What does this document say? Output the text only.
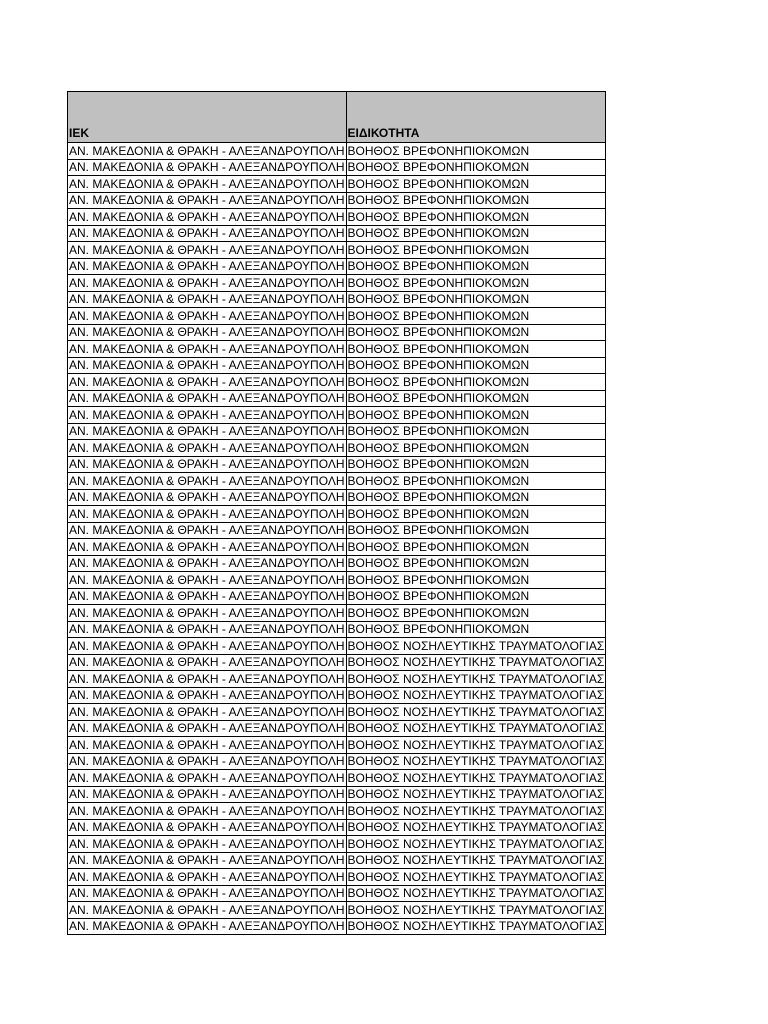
ΙΕΚ	ΕΙΔΙΚΟΤΗΤΑ
ΑΝ. ΜΑΚΕΔΟΝΙΑ & ΘΡΑΚΗ - ΑΛΕΞΑΝΔΡΟΥΠΟΛΗ	ΒΟΗΘΟΣ ΒΡΕΦΟΝΗΠΙΟΚΟΜΩΝ
ΑΝ. ΜΑΚΕΔΟΝΙΑ & ΘΡΑΚΗ - ΑΛΕΞΑΝΔΡΟΥΠΟΛΗ	ΒΟΗΘΟΣ ΒΡΕΦΟΝΗΠΙΟΚΟΜΩΝ
ΑΝ. ΜΑΚΕΔΟΝΙΑ & ΘΡΑΚΗ - ΑΛΕΞΑΝΔΡΟΥΠΟΛΗ	ΒΟΗΘΟΣ ΒΡΕΦΟΝΗΠΙΟΚΟΜΩΝ
ΑΝ. ΜΑΚΕΔΟΝΙΑ & ΘΡΑΚΗ - ΑΛΕΞΑΝΔΡΟΥΠΟΛΗ	ΒΟΗΘΟΣ ΒΡΕΦΟΝΗΠΙΟΚΟΜΩΝ
ΑΝ. ΜΑΚΕΔΟΝΙΑ & ΘΡΑΚΗ - ΑΛΕΞΑΝΔΡΟΥΠΟΛΗ	ΒΟΗΘΟΣ ΒΡΕΦΟΝΗΠΙΟΚΟΜΩΝ
ΑΝ. ΜΑΚΕΔΟΝΙΑ & ΘΡΑΚΗ - ΑΛΕΞΑΝΔΡΟΥΠΟΛΗ	ΒΟΗΘΟΣ ΒΡΕΦΟΝΗΠΙΟΚΟΜΩΝ
ΑΝ. ΜΑΚΕΔΟΝΙΑ & ΘΡΑΚΗ - ΑΛΕΞΑΝΔΡΟΥΠΟΛΗ	ΒΟΗΘΟΣ ΒΡΕΦΟΝΗΠΙΟΚΟΜΩΝ
ΑΝ. ΜΑΚΕΔΟΝΙΑ & ΘΡΑΚΗ - ΑΛΕΞΑΝΔΡΟΥΠΟΛΗ	ΒΟΗΘΟΣ ΒΡΕΦΟΝΗΠΙΟΚΟΜΩΝ
ΑΝ. ΜΑΚΕΔΟΝΙΑ & ΘΡΑΚΗ - ΑΛΕΞΑΝΔΡΟΥΠΟΛΗ	ΒΟΗΘΟΣ ΒΡΕΦΟΝΗΠΙΟΚΟΜΩΝ
ΑΝ. ΜΑΚΕΔΟΝΙΑ & ΘΡΑΚΗ - ΑΛΕΞΑΝΔΡΟΥΠΟΛΗ	ΒΟΗΘΟΣ ΒΡΕΦΟΝΗΠΙΟΚΟΜΩΝ
ΑΝ. ΜΑΚΕΔΟΝΙΑ & ΘΡΑΚΗ - ΑΛΕΞΑΝΔΡΟΥΠΟΛΗ	ΒΟΗΘΟΣ ΒΡΕΦΟΝΗΠΙΟΚΟΜΩΝ
ΑΝ. ΜΑΚΕΔΟΝΙΑ & ΘΡΑΚΗ - ΑΛΕΞΑΝΔΡΟΥΠΟΛΗ	ΒΟΗΘΟΣ ΒΡΕΦΟΝΗΠΙΟΚΟΜΩΝ
ΑΝ. ΜΑΚΕΔΟΝΙΑ & ΘΡΑΚΗ - ΑΛΕΞΑΝΔΡΟΥΠΟΛΗ	ΒΟΗΘΟΣ ΒΡΕΦΟΝΗΠΙΟΚΟΜΩΝ
ΑΝ. ΜΑΚΕΔΟΝΙΑ & ΘΡΑΚΗ - ΑΛΕΞΑΝΔΡΟΥΠΟΛΗ	ΒΟΗΘΟΣ ΒΡΕΦΟΝΗΠΙΟΚΟΜΩΝ
ΑΝ. ΜΑΚΕΔΟΝΙΑ & ΘΡΑΚΗ - ΑΛΕΞΑΝΔΡΟΥΠΟΛΗ	ΒΟΗΘΟΣ ΒΡΕΦΟΝΗΠΙΟΚΟΜΩΝ
ΑΝ. ΜΑΚΕΔΟΝΙΑ & ΘΡΑΚΗ - ΑΛΕΞΑΝΔΡΟΥΠΟΛΗ	ΒΟΗΘΟΣ ΒΡΕΦΟΝΗΠΙΟΚΟΜΩΝ
ΑΝ. ΜΑΚΕΔΟΝΙΑ & ΘΡΑΚΗ - ΑΛΕΞΑΝΔΡΟΥΠΟΛΗ	ΒΟΗΘΟΣ ΒΡΕΦΟΝΗΠΙΟΚΟΜΩΝ
ΑΝ. ΜΑΚΕΔΟΝΙΑ & ΘΡΑΚΗ - ΑΛΕΞΑΝΔΡΟΥΠΟΛΗ	ΒΟΗΘΟΣ ΒΡΕΦΟΝΗΠΙΟΚΟΜΩΝ
ΑΝ. ΜΑΚΕΔΟΝΙΑ & ΘΡΑΚΗ - ΑΛΕΞΑΝΔΡΟΥΠΟΛΗ	ΒΟΗΘΟΣ ΒΡΕΦΟΝΗΠΙΟΚΟΜΩΝ
ΑΝ. ΜΑΚΕΔΟΝΙΑ & ΘΡΑΚΗ - ΑΛΕΞΑΝΔΡΟΥΠΟΛΗ	ΒΟΗΘΟΣ ΒΡΕΦΟΝΗΠΙΟΚΟΜΩΝ
ΑΝ. ΜΑΚΕΔΟΝΙΑ & ΘΡΑΚΗ - ΑΛΕΞΑΝΔΡΟΥΠΟΛΗ	ΒΟΗΘΟΣ ΒΡΕΦΟΝΗΠΙΟΚΟΜΩΝ
ΑΝ. ΜΑΚΕΔΟΝΙΑ & ΘΡΑΚΗ - ΑΛΕΞΑΝΔΡΟΥΠΟΛΗ	ΒΟΗΘΟΣ ΒΡΕΦΟΝΗΠΙΟΚΟΜΩΝ
ΑΝ. ΜΑΚΕΔΟΝΙΑ & ΘΡΑΚΗ - ΑΛΕΞΑΝΔΡΟΥΠΟΛΗ	ΒΟΗΘΟΣ ΒΡΕΦΟΝΗΠΙΟΚΟΜΩΝ
ΑΝ. ΜΑΚΕΔΟΝΙΑ & ΘΡΑΚΗ - ΑΛΕΞΑΝΔΡΟΥΠΟΛΗ	ΒΟΗΘΟΣ ΒΡΕΦΟΝΗΠΙΟΚΟΜΩΝ
ΑΝ. ΜΑΚΕΔΟΝΙΑ & ΘΡΑΚΗ - ΑΛΕΞΑΝΔΡΟΥΠΟΛΗ	ΒΟΗΘΟΣ ΒΡΕΦΟΝΗΠΙΟΚΟΜΩΝ
ΑΝ. ΜΑΚΕΔΟΝΙΑ & ΘΡΑΚΗ - ΑΛΕΞΑΝΔΡΟΥΠΟΛΗ	ΒΟΗΘΟΣ ΒΡΕΦΟΝΗΠΙΟΚΟΜΩΝ
ΑΝ. ΜΑΚΕΔΟΝΙΑ & ΘΡΑΚΗ - ΑΛΕΞΑΝΔΡΟΥΠΟΛΗ	ΒΟΗΘΟΣ ΒΡΕΦΟΝΗΠΙΟΚΟΜΩΝ
ΑΝ. ΜΑΚΕΔΟΝΙΑ & ΘΡΑΚΗ - ΑΛΕΞΑΝΔΡΟΥΠΟΛΗ	ΒΟΗΘΟΣ ΒΡΕΦΟΝΗΠΙΟΚΟΜΩΝ
ΑΝ. ΜΑΚΕΔΟΝΙΑ & ΘΡΑΚΗ - ΑΛΕΞΑΝΔΡΟΥΠΟΛΗ	ΒΟΗΘΟΣ ΒΡΕΦΟΝΗΠΙΟΚΟΜΩΝ
ΑΝ. ΜΑΚΕΔΟΝΙΑ & ΘΡΑΚΗ - ΑΛΕΞΑΝΔΡΟΥΠΟΛΗ	ΒΟΗΘΟΣ ΒΡΕΦΟΝΗΠΙΟΚΟΜΩΝ
ΑΝ. ΜΑΚΕΔΟΝΙΑ & ΘΡΑΚΗ - ΑΛΕΞΑΝΔΡΟΥΠΟΛΗ	ΒΟΗΘΟΣ ΝΟΣΗΛΕΥΤΙΚΗΣ ΤΡΑΥΜΑΤΟΛΟΓΙΑΣ
ΑΝ. ΜΑΚΕΔΟΝΙΑ & ΘΡΑΚΗ - ΑΛΕΞΑΝΔΡΟΥΠΟΛΗ	ΒΟΗΘΟΣ ΝΟΣΗΛΕΥΤΙΚΗΣ ΤΡΑΥΜΑΤΟΛΟΓΙΑΣ
ΑΝ. ΜΑΚΕΔΟΝΙΑ & ΘΡΑΚΗ - ΑΛΕΞΑΝΔΡΟΥΠΟΛΗ	ΒΟΗΘΟΣ ΝΟΣΗΛΕΥΤΙΚΗΣ ΤΡΑΥΜΑΤΟΛΟΓΙΑΣ
ΑΝ. ΜΑΚΕΔΟΝΙΑ & ΘΡΑΚΗ - ΑΛΕΞΑΝΔΡΟΥΠΟΛΗ	ΒΟΗΘΟΣ ΝΟΣΗΛΕΥΤΙΚΗΣ ΤΡΑΥΜΑΤΟΛΟΓΙΑΣ
ΑΝ. ΜΑΚΕΔΟΝΙΑ & ΘΡΑΚΗ - ΑΛΕΞΑΝΔΡΟΥΠΟΛΗ	ΒΟΗΘΟΣ ΝΟΣΗΛΕΥΤΙΚΗΣ ΤΡΑΥΜΑΤΟΛΟΓΙΑΣ
ΑΝ. ΜΑΚΕΔΟΝΙΑ & ΘΡΑΚΗ - ΑΛΕΞΑΝΔΡΟΥΠΟΛΗ	ΒΟΗΘΟΣ ΝΟΣΗΛΕΥΤΙΚΗΣ ΤΡΑΥΜΑΤΟΛΟΓΙΑΣ
ΑΝ. ΜΑΚΕΔΟΝΙΑ & ΘΡΑΚΗ - ΑΛΕΞΑΝΔΡΟΥΠΟΛΗ	ΒΟΗΘΟΣ ΝΟΣΗΛΕΥΤΙΚΗΣ ΤΡΑΥΜΑΤΟΛΟΓΙΑΣ
ΑΝ. ΜΑΚΕΔΟΝΙΑ & ΘΡΑΚΗ - ΑΛΕΞΑΝΔΡΟΥΠΟΛΗ	ΒΟΗΘΟΣ ΝΟΣΗΛΕΥΤΙΚΗΣ ΤΡΑΥΜΑΤΟΛΟΓΙΑΣ
ΑΝ. ΜΑΚΕΔΟΝΙΑ & ΘΡΑΚΗ - ΑΛΕΞΑΝΔΡΟΥΠΟΛΗ	ΒΟΗΘΟΣ ΝΟΣΗΛΕΥΤΙΚΗΣ ΤΡΑΥΜΑΤΟΛΟΓΙΑΣ
ΑΝ. ΜΑΚΕΔΟΝΙΑ & ΘΡΑΚΗ - ΑΛΕΞΑΝΔΡΟΥΠΟΛΗ	ΒΟΗΘΟΣ ΝΟΣΗΛΕΥΤΙΚΗΣ ΤΡΑΥΜΑΤΟΛΟΓΙΑΣ
ΑΝ. ΜΑΚΕΔΟΝΙΑ & ΘΡΑΚΗ - ΑΛΕΞΑΝΔΡΟΥΠΟΛΗ	ΒΟΗΘΟΣ ΝΟΣΗΛΕΥΤΙΚΗΣ ΤΡΑΥΜΑΤΟΛΟΓΙΑΣ
ΑΝ. ΜΑΚΕΔΟΝΙΑ & ΘΡΑΚΗ - ΑΛΕΞΑΝΔΡΟΥΠΟΛΗ	ΒΟΗΘΟΣ ΝΟΣΗΛΕΥΤΙΚΗΣ ΤΡΑΥΜΑΤΟΛΟΓΙΑΣ
ΑΝ. ΜΑΚΕΔΟΝΙΑ & ΘΡΑΚΗ - ΑΛΕΞΑΝΔΡΟΥΠΟΛΗ	ΒΟΗΘΟΣ ΝΟΣΗΛΕΥΤΙΚΗΣ ΤΡΑΥΜΑΤΟΛΟΓΙΑΣ
ΑΝ. ΜΑΚΕΔΟΝΙΑ & ΘΡΑΚΗ - ΑΛΕΞΑΝΔΡΟΥΠΟΛΗ	ΒΟΗΘΟΣ ΝΟΣΗΛΕΥΤΙΚΗΣ ΤΡΑΥΜΑΤΟΛΟΓΙΑΣ
ΑΝ. ΜΑΚΕΔΟΝΙΑ & ΘΡΑΚΗ - ΑΛΕΞΑΝΔΡΟΥΠΟΛΗ	ΒΟΗΘΟΣ ΝΟΣΗΛΕΥΤΙΚΗΣ ΤΡΑΥΜΑΤΟΛΟΓΙΑΣ
ΑΝ. ΜΑΚΕΔΟΝΙΑ & ΘΡΑΚΗ - ΑΛΕΞΑΝΔΡΟΥΠΟΛΗ	ΒΟΗΘΟΣ ΝΟΣΗΛΕΥΤΙΚΗΣ ΤΡΑΥΜΑΤΟΛΟΓΙΑΣ
ΑΝ. ΜΑΚΕΔΟΝΙΑ & ΘΡΑΚΗ - ΑΛΕΞΑΝΔΡΟΥΠΟΛΗ	ΒΟΗΘΟΣ ΝΟΣΗΛΕΥΤΙΚΗΣ ΤΡΑΥΜΑΤΟΛΟΓΙΑΣ
ΑΝ. ΜΑΚΕΔΟΝΙΑ & ΘΡΑΚΗ - ΑΛΕΞΑΝΔΡΟΥΠΟΛΗ	ΒΟΗΘΟΣ ΝΟΣΗΛΕΥΤΙΚΗΣ ΤΡΑΥΜΑΤΟΛΟΓΙΑΣ
